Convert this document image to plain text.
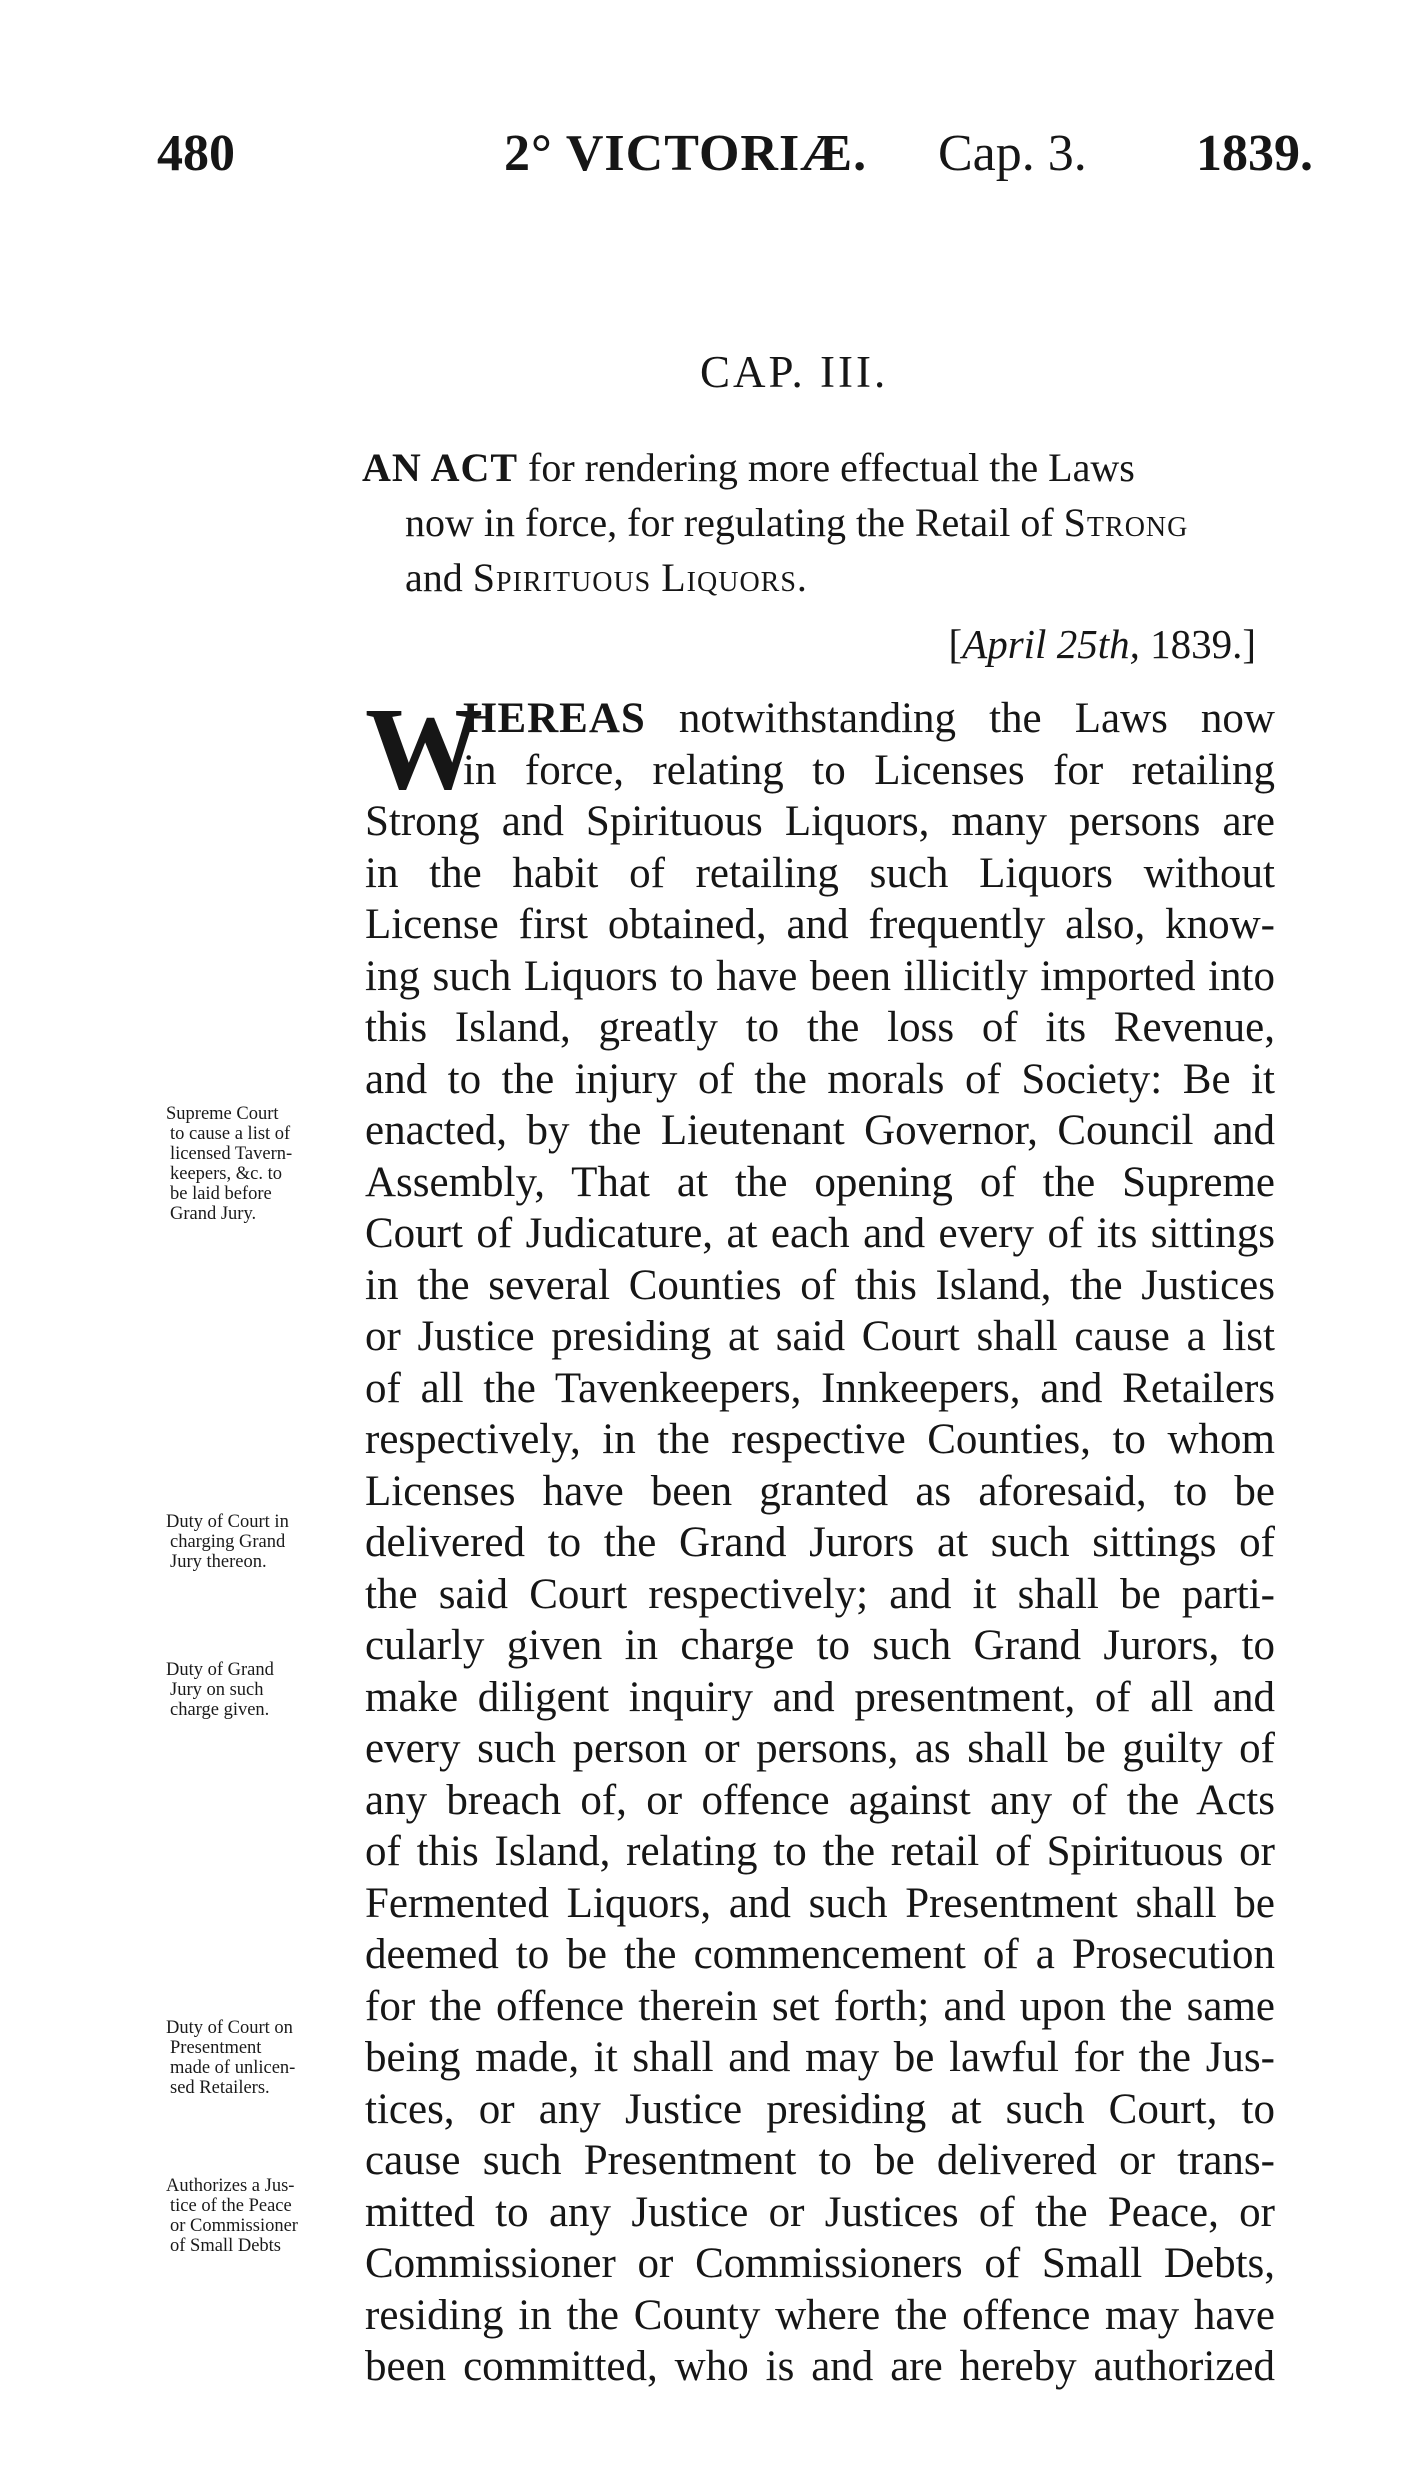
480	2° VICTORIÆ. Cap. 3. 1839.
CAP. III.
AN ACT for rendering more effectual the Laws
now in force, for regulating the Retail of Strong
and Spirituous Liquors.
[April 25th, 1839.]
W
HEREAS notwithstanding the Laws now
in force, relating to Licenses for retailing
Strong and Spirituous Liquors, many persons are
in the habit of retailing such Liquors without
License first obtained, and frequently also, know-
ing such Liquors to have been illicitly imported into
this Island, greatly to the loss of its Revenue,
and to the injury of the morals of Society: Be it
enacted, by the Lieutenant Governor, Council and
Assembly, That at the opening of the Supreme
Court of Judicature, at each and every of its sittings
in the several Counties of this Island, the Justices
or Justice presiding at said Court shall cause a list
of all the Tavenkeepers, Innkeepers, and Retailers
respectively, in the respective Counties, to whom
Licenses have been granted as aforesaid, to be
delivered to the Grand Jurors at such sittings of
the said Court respectively; and it shall be parti-
cularly given in charge to such Grand Jurors, to
make diligent inquiry and presentment, of all and
every such person or persons, as shall be guilty of
any breach of, or offence against any of the Acts
of this Island, relating to the retail of Spirituous or
Fermented Liquors, and such Presentment shall be
deemed to be the commencement of a Prosecution
for the offence therein set forth; and upon the same
being made, it shall and may be lawful for the Jus-
tices, or any Justice presiding at such Court, to
cause such Presentment to be delivered or trans-
mitted to any Justice or Justices of the Peace, or
Commissioner or Commissioners of Small Debts,
residing in the County where the offence may have
been committed, who is and are hereby authorized
Supreme Court
to cause a list of
licensed Tavern-
keepers, &c. to
be laid before
Grand Jury.
Duty of Court in
charging Grand
Jury thereon.
Duty of Grand
Jury on such
charge given.
Duty of Court on
Presentment
made of unlicen-
sed Retailers.
Authorizes a Jus-
tice of the Peace
or Commissioner
of Small Debts
